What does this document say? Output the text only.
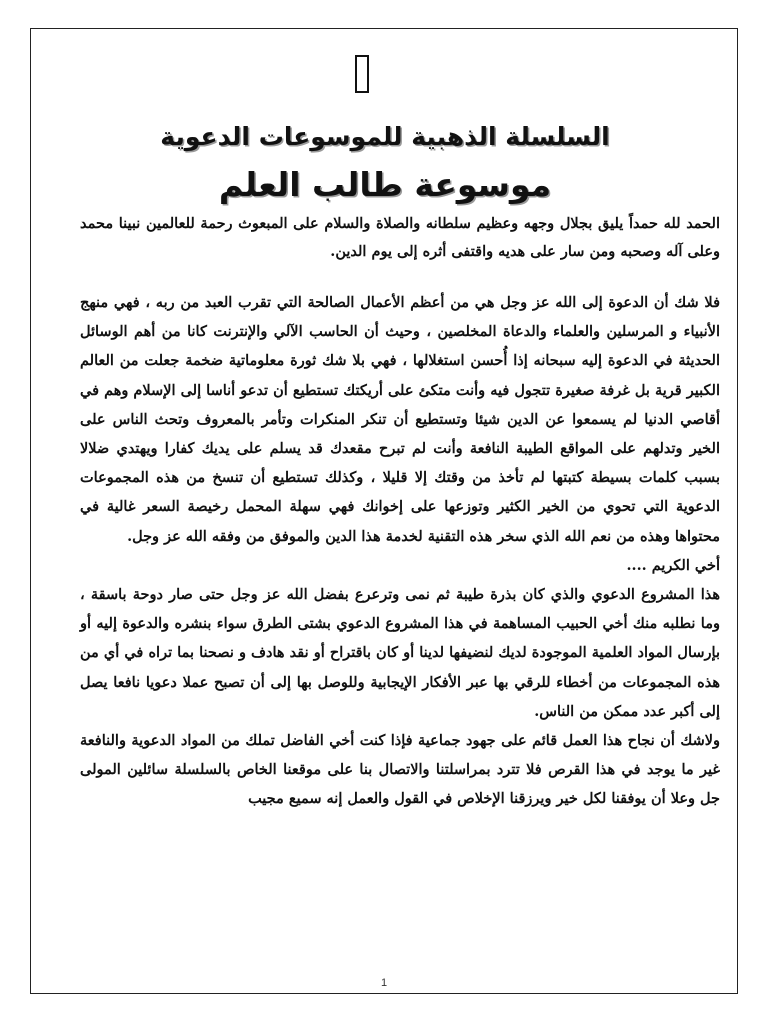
السلسلة الذهبية للموسوعات الدعوية
موسوعة طالب العلم

الحمد لله حمداً يليق بجلال وجهه وعظيم سلطانه والصلاة والسلام على المبعوث رحمة للعالمين نبينا محمد وعلى آله وصحبه ومن سار على هديه واقتفى أثره إلى يوم الدين.

فلا شك أن الدعوة إلى الله عز وجل هي من أعظم الأعمال الصالحة التي تقرب العبد من ربه ، فهي منهج الأنبياء و المرسلين والعلماء والدعاة المخلصين ، وحيث أن الحاسب الآلي والإنترنت كانا من أهم الوسائل الحديثة في الدعوة إليه سبحانه إذا أُحسن استغلالها ، فهي بلا شك ثورة معلوماتية ضخمة جعلت من العالم الكبير قرية بل غرفة صغيرة تتجول فيه وأنت متكئ على أريكتك تستطيع أن تدعو أناسا إلى الإسلام وهم في أقاصي الدنيا لم يسمعوا عن الدين شيئا وتستطيع أن تنكر المنكرات وتأمر بالمعروف وتحث الناس على الخير وتدلهم على المواقع الطيبة النافعة وأنت لم تبرح مقعدك قد يسلم على يديك كفارا ويهتدي ضلالا بسبب كلمات بسيطة كتبتها لم تأخذ من وقتك إلا قليلا ، وكذلك تستطيع أن تنسخ من هذه المجموعات الدعوية التي تحوي من الخير الكثير وتوزعها على إخوانك فهي سهلة المحمل رخيصة السعر غالية في محتواها وهذه من نعم الله الذي سخر هذه التقنية لخدمة هذا الدين والموفق من وفقه الله عز وجل.

أخي الكريم ....

هذا المشروع الدعوي والذي كان بذرة طيبة ثم نمى وترعرع بفضل الله عز وجل حتى صار دوحة باسقة ، وما نطلبه منك أخي الحبيب المساهمة في هذا المشروع الدعوي بشتى الطرق سواء بنشره والدعوة إليه أو بإرسال المواد العلمية الموجودة لديك لنضيفها لدينا أو كان باقتراح أو نقد هادف و نصحنا بما تراه في أي من هذه المجموعات من أخطاء للرقي بها عبر الأفكار الإيجابية وللوصل بها إلى أن تصبح عملا دعويا نافعا يصل إلى أكبر عدد ممكن من الناس.

ولاشك أن نجاح هذا العمل قائم على جهود جماعية فإذا كنت أخي الفاضل تملك من المواد الدعوية والنافعة غير ما يوجد في هذا القرص فلا تترد بمراسلتنا والاتصال بنا على موقعنا الخاص بالسلسلة سائلين المولى جل وعلا أن يوفقنا لكل خير ويرزقنا الإخلاص في القول والعمل إنه سميع مجيب

1
